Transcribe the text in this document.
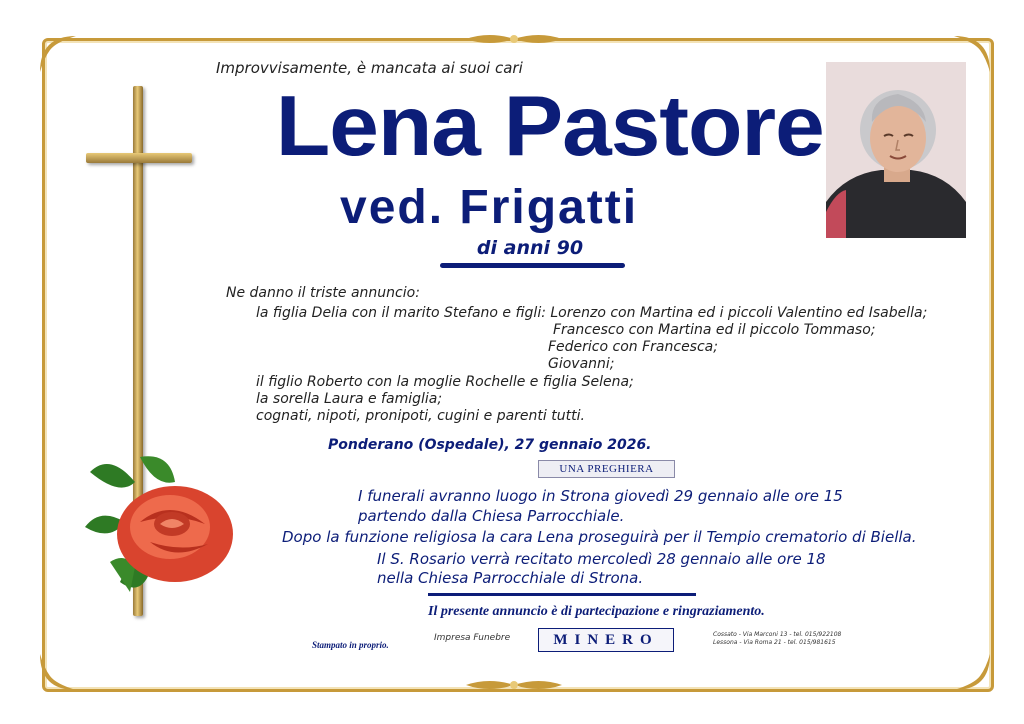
Improvvisamente, è mancata ai suoi cari
Lena Pastore
ved. Frigatti
di anni 90
Ne danno il triste annuncio:
la figlia Delia con il marito Stefano e figli: Lorenzo con Martina ed i piccoli Valentino ed Isabella;
Francesco con Martina ed il piccolo Tommaso;
Federico con Francesca;
Giovanni;
il figlio Roberto con la moglie Rochelle e figlia Selena;
la sorella Laura e famiglia;
cognati, nipoti, pronipoti, cugini e parenti tutti.
Ponderano (Ospedale), 27 gennaio 2026.
UNA PREGHIERA
I funerali avranno luogo in Strona giovedì 29 gennaio alle ore 15
partendo dalla Chiesa Parrocchiale.
Dopo la funzione religiosa la cara Lena proseguirà per il Tempio crematorio di Biella.
Il S. Rosario verrà recitato mercoledì 28 gennaio alle ore 18
nella Chiesa Parrocchiale di Strona.
Il presente annuncio è di partecipazione e ringraziamento.
Stampato in proprio.
Impresa Funebre	MINERO	Cossato - Via Marconi 13 - tel. 015/922108
Lessona - Via Roma 21 - tel. 015/981615
